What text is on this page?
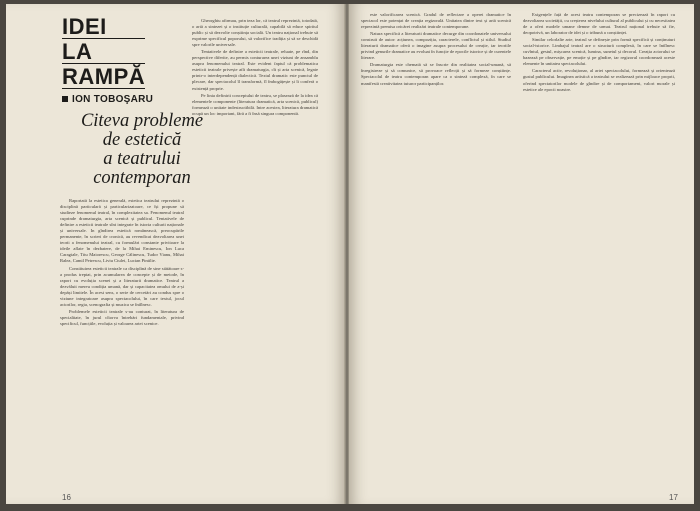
IDEI
LA
RAMPĂ
ION TOBOŞARU
Citeva probleme
de estetică
a teatrului
contemporan

Raportată la estetica generală, estetica teatrului reprezintă o disciplină particulară și particularizatoare, ce își propune să studieze fenomenul teatral, în complexitatea sa. Fenomenul teatral cuprinde dramaturgia, arta scenică și publicul. Tentativele de definire a esteticii teatrale sînt integrate în istoria culturii naționale și universale. In gîndirea estetică românească, preocupările permanente, în scrieri de cronică, au revendicat dezvoltarea unei teorii a fenomenului teatral, cu formulări constante privitoare la ideile aflate în dezbatere, de la Mihai Eminescu, Ion Luca Caragiale, Titu Maiorescu, George Călinescu, Tudor Vianu, Mihai Ralea, Camil Petrescu, Liviu Ciulei, Lucian Pintilie.

Constituirea esteticii teatrale ca disciplină de sine stătătoare s-a produs treptat, prin acumularea de concepte și de metode, în raport cu evoluția scenei și a literaturii dramatice. Teatrul a dezvăluit mereu condiția umană, dar și capacitatea omului de a-și depăși limitele. În acest sens, o serie de cercetări au condus spre o viziune integratoare asupra spectacolului, în care textul, jocul actorilor, regia, scenografia și muzica se întîlnesc.

Problemele esteticii teatrale s-au conturat, în literatura de specialitate, în jurul cîtorva întrebări fundamentale, privind specificul, funcțiile, evoluția și valoarea artei scenice.

Gheorghiu afirmau, prin teza lor, că teatrul reprezintă, totodată, o artă a sintezei și o instituție culturală, capabilă să educe spiritul public și să dezvolte conștiința socială. Un teatru național trebuie să exprime specificul poporului, să valorifice tradiția și să se deschidă spre valorile universale.

Tentativele de definire a esteticii teatrale, reluate, pe rînd, din perspective diferite, au permis conturarea unei viziuni de ansamblu asupra fenomenului teatral. Este evident faptul că problematica esteticii teatrale privește atît dramaturgia, cît și arta scenică, legate printr-o interdependență dialectică. Textul dramatic este punctul de plecare, dar spectacolul îl transformă, îl îmbogățește și îi conferă o existență proprie.

Pe linia definirii conceptului de teatru, se plasează de la idea că elementele componente (literatura dramatică, arta scenică, publicul) formează o unitate indestructibilă. Intre acestea, literatura dramatică ocupă un loc important, fără a fi însă singura componentă.

16

este valorificarea scenică. Gradul de reflectare a operei dramatice în spectacol este potențat de creația regizorală. Unitatea dintre text și artă scenică reprezintă premisa oricărei realizări teatrale contemporane.

Natura specifică a literaturii dramatice decurge din coordonatele universului construit de autor: acțiunea, compoziția, caracterele, conflictul și stilul. Studiul literaturii dramatice oferă o imagine asupra procesului de creație, iar teoriile privind genurile dramatice au evoluat în funcție de epocile istorice și de curentele literare.

Dramaturgia este chemată să se înscrie din realitatea social-umană, să înregistreze și să comunice, să provoace reflecții și să formeze conștiințe. Spectacolul de teatru contemporan apare ca o sinteză complexă, în care se manifestă creativitatea tuturor participanților.

Exigențele față de acest teatru contemporan se precizează în raport cu dezvoltarea societății, cu creșterea nivelului cultural al publicului și cu necesitatea de a oferi modele umane demne de urmat. Teatrul național trebuie să fie, deopotrivă, un laborator de idei și o tribună a conștiinței.

Similar celorlalte arte, teatrul se definește prin formă specifică și conținuturi social-istorice. Limbajul teatral are o structură complexă, în care se întîlnesc cuvîntul, gestul, mișcarea scenică, lumina, sunetul și decorul. Creația actorului se bazează pe observație, pe emoție și pe gîndire, iar regizorul coordonează aceste elemente în unitatea spectacolului.

Caracterul activ, revoluționar, al artei spectacolului, formează și orientează gustul publicului. Imaginea artistică a teatrului se realizează prin mijloace proprii, oferind spectatorilor modele de gîndire și de comportament, valori morale și estetice ale epocii noastre.

17
